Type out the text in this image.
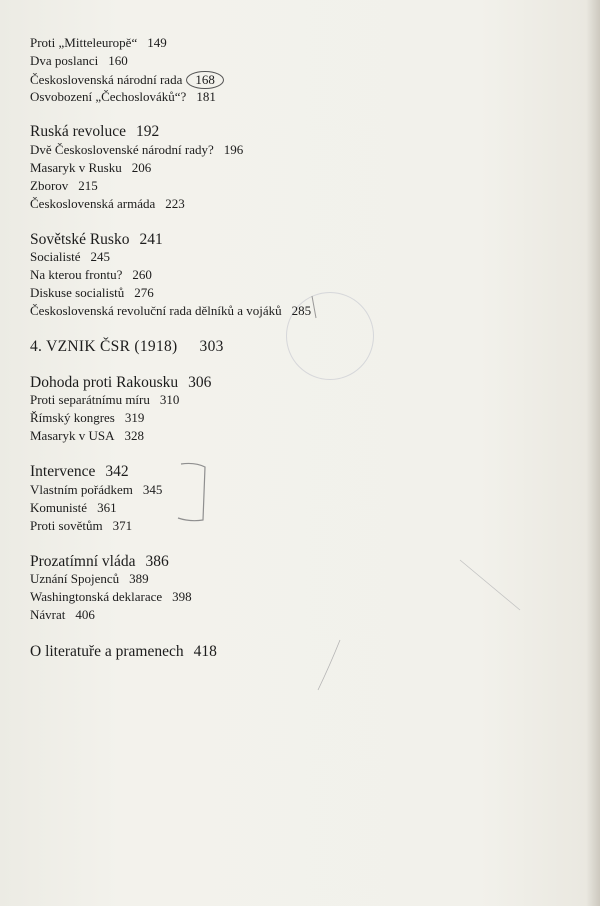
Proti „Mitteleuropě“ 149
Dva poslanci 160
Československá národní rada 168
Osvobození „Čechoslováků“? 181
Ruská revoluce 192
Dvě Československé národní rady? 196
Masaryk v Rusku 206
Zborov 215
Československá armáda 223
Sovětské Rusko 241
Socialisté 245
Na kterou frontu? 260
Diskuse socialistů 276
Československá revoluční rada dělníků a vojáků 285
4. VZNIK ČSR (1918) 303
Dohoda proti Rakousku 306
Proti separátnímu míru 310
Římský kongres 319
Masaryk v USA 328
Intervence 342
Vlastním pořádkem 345
Komunisté 361
Proti sovětům 371
Prozatímní vláda 386
Uznání Spojenců 389
Washingtonská deklarace 398
Návrat 406
O literatuře a pramenech 418
